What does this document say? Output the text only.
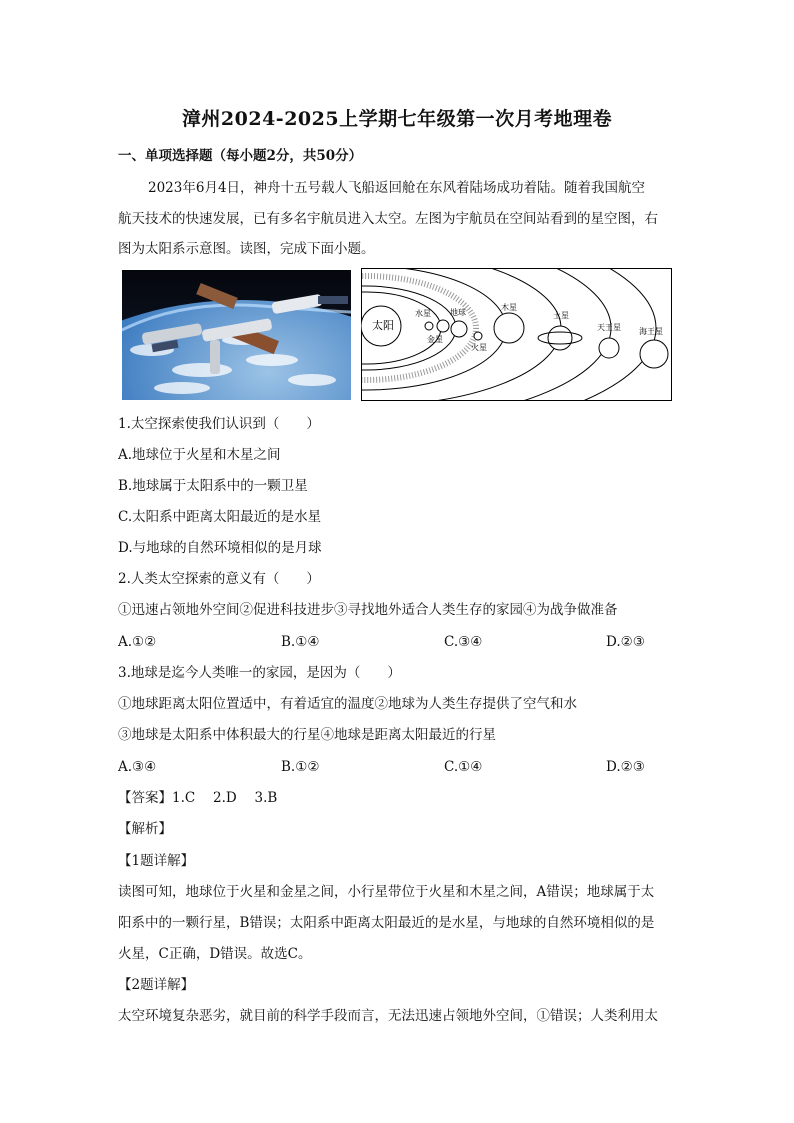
漳州2024-2025上学期七年级第一次月考地理卷
一、单项选择题（每小题2分，共50分）
2023年6月4日，神舟十五号载人飞船返回舱在东风着陆场成功着陆。随着我国航空
航天技术的快速发展，已有多名宇航员进入太空。左图为宇航员在空间站看到的星空图，右
图为太阳系示意图。读图，完成下面小题。
太阳
水星
金星
地球
火星
木星
土星
天王星 海王星
1.太空探索使我们认识到（　　）
A.地球位于火星和木星之间
B.地球属于太阳系中的一颗卫星
C.太阳系中距离太阳最近的是水星
D.与地球的自然环境相似的是月球
2.人类太空探索的意义有（　　）
①迅速占领地外空间②促进科技进步③寻找地外适合人类生存的家园④为战争做准备
A.①②	B.①④	C.③④	D.②③
3.地球是迄今人类唯一的家园，是因为（　　）
①地球距离太阳位置适中，有着适宜的温度②地球为人类生存提供了空气和水
③地球是太阳系中体积最大的行星④地球是距离太阳最近的行星
A.③④	B.①②	C.①④	D.②③
【答案】1.C　 2.D　 3.B
【解析】
【1题详解】
读图可知，地球位于火星和金星之间，小行星带位于火星和木星之间，A错误；地球属于太
阳系中的一颗行星，B错误；太阳系中距离太阳最近的是水星，与地球的自然环境相似的是
火星，C正确，D错误。故选C。
【2题详解】
太空环境复杂恶劣，就目前的科学手段而言，无法迅速占领地外空间，①错误；人类利用太
